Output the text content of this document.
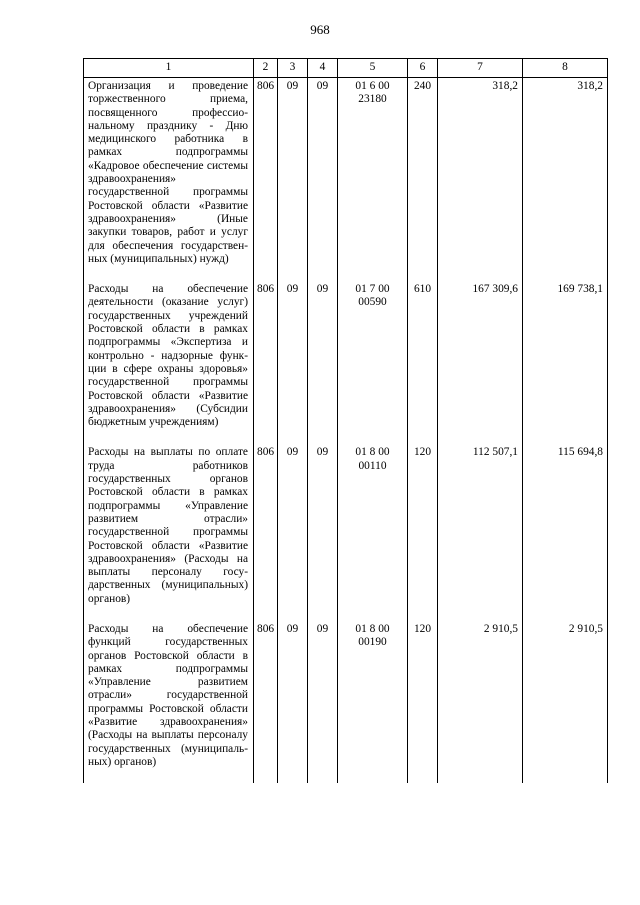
968
1	2	3	4	5	6	7	8
Организация и проведение торжественного приема, посвященного профессиональному празднику - Дню медицинского работника в рамках подпрограммы «Кадровое обеспечение системы здравоохранения» государственной программы Ростовской области «Развитие здравоохранения» (Иные закупки товаров, работ и услуг для обеспечения государственных (муниципальных) нужд)	806	09	09	01 6 00 23180	240	318,2	318,2
Расходы на обеспечение деятельности (оказание услуг) государственных учреждений Ростовской области в рамках подпрограммы «Экспертиза и контрольно - надзорные функции в сфере охраны здоровья» государственной программы Ростовской области «Развитие здравоохранения» (Субсидии бюджетным учреждениям)	806	09	09	01 7 00 00590	610	167 309,6	169 738,1
Расходы на выплаты по оплате труда работников государственных органов Ростовской области в рамках подпрограммы «Управление развитием отрасли» государственной программы Ростовской области «Развитие здравоохранения» (Расходы на выплаты персоналу государственных (муниципальных) органов)	806	09	09	01 8 00 00110	120	112 507,1	115 694,8
Расходы на обеспечение функций государственных органов Ростовской области в рамках подпрограммы «Управление развитием отрасли» государственной программы Ростовской области «Развитие здравоохранения» (Расходы на выплаты персоналу государственных (муниципальных) органов)	806	09	09	01 8 00 00190	120	2 910,5	2 910,5
